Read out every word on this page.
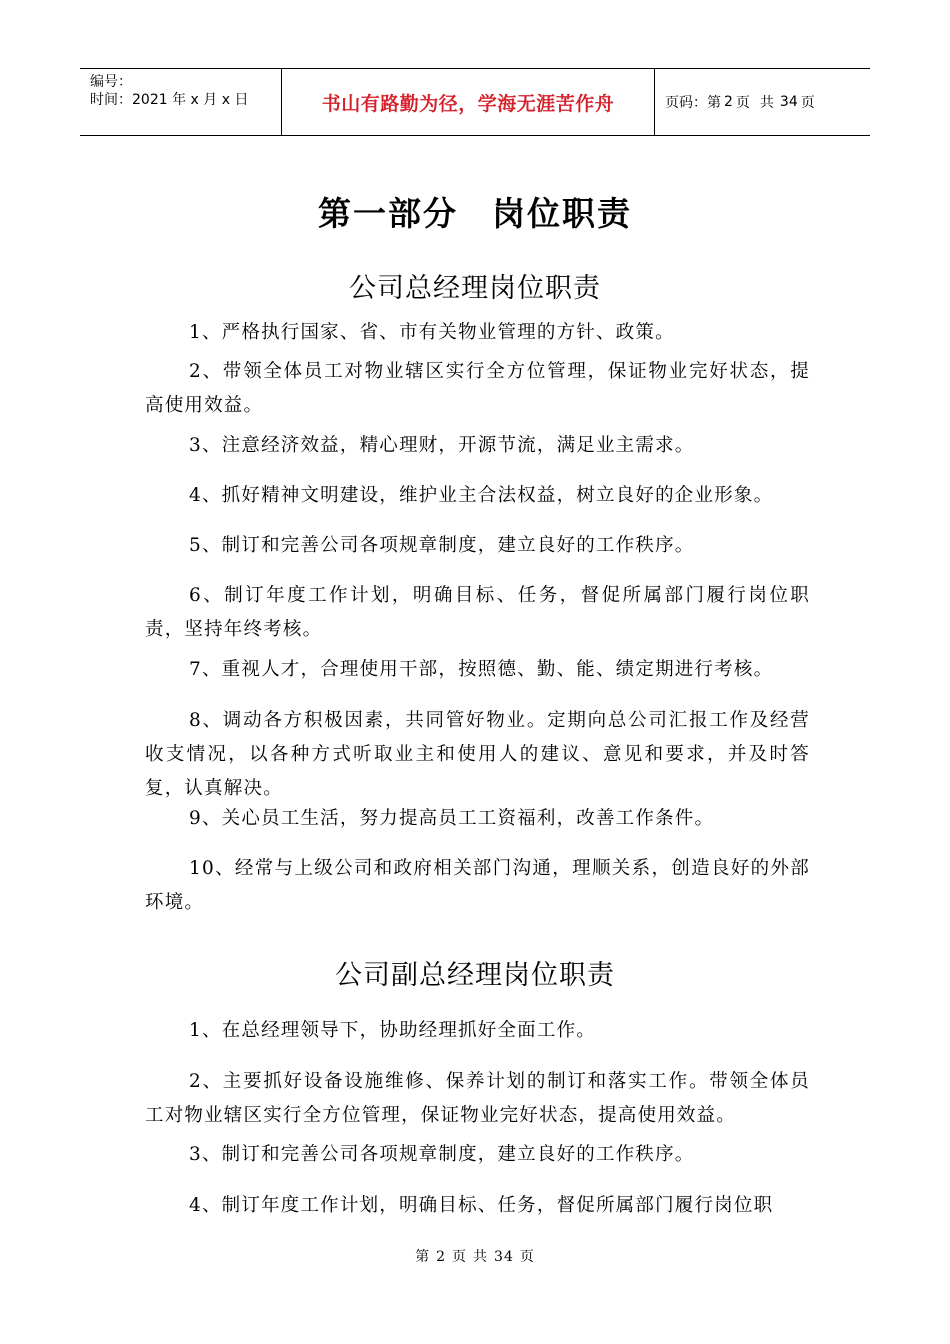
编号：
时间：2021 年 x 月 x 日	书山有路勤为径，学海无涯苦作舟	页码：第 2 页 共 34 页
第一部分 岗位职责
公司总经理岗位职责
1、严格执行国家、省、市有关物业管理的方针、政策。
2、带领全体员工对物业辖区实行全方位管理，保证物业完好状态，提高使用效益。
3、注意经济效益，精心理财，开源节流，满足业主需求。
4、抓好精神文明建设，维护业主合法权益，树立良好的企业形象。
5、制订和完善公司各项规章制度，建立良好的工作秩序。
6、制订年度工作计划，明确目标、任务，督促所属部门履行岗位职责，坚持年终考核。
7、重视人才，合理使用干部，按照德、勤、能、绩定期进行考核。
8、调动各方积极因素，共同管好物业。定期向总公司汇报工作及经营收支情况，以各种方式听取业主和使用人的建议、意见和要求，并及时答复，认真解决。
9、关心员工生活，努力提高员工工资福利，改善工作条件。
10、经常与上级公司和政府相关部门沟通，理顺关系，创造良好的外部环境。
公司副总经理岗位职责
1、在总经理领导下，协助经理抓好全面工作。
2、主要抓好设备设施维修、保养计划的制订和落实工作。带领全体员工对物业辖区实行全方位管理，保证物业完好状态，提高使用效益。
3、制订和完善公司各项规章制度，建立良好的工作秩序。
4、制订年度工作计划，明确目标、任务，督促所属部门履行岗位职
第 2 页 共 34 页
